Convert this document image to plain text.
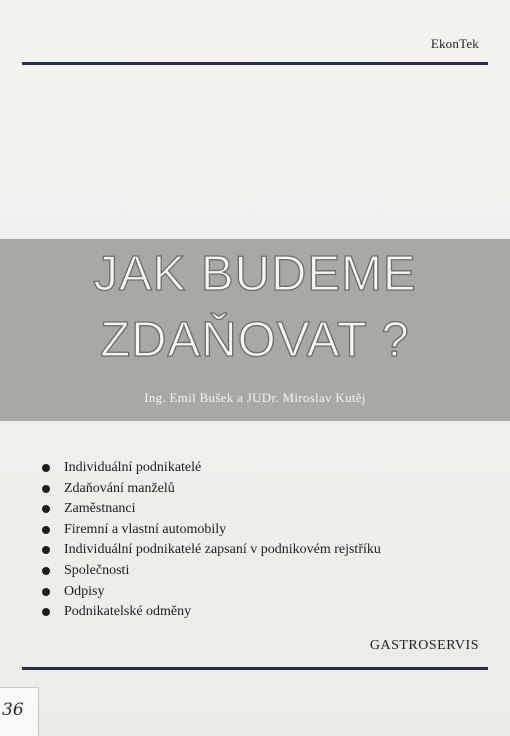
EkonTek
JAK BUDEME
ZDAŇOVAT ?
Ing. Emil Bušek a JUDr. Miroslav Kutěj
Individuální podnikatelé
Zdaňování manželů
Zaměstnanci
Firemní a vlastní automobily
Individuální podnikatelé zapsaní v podnikovém rejstříku
Společnosti
Odpisy
Podnikatelské odměny
GASTROSERVIS
36
